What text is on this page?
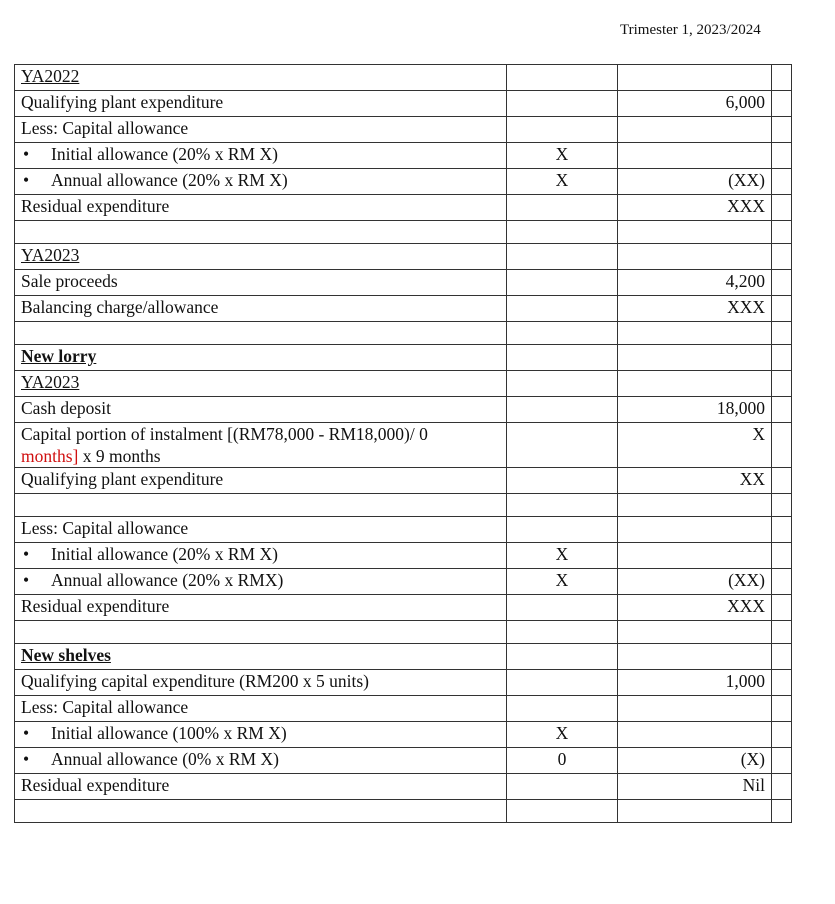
Trimester 1, 2023/2024
YA2022			
Qualifying plant expenditure		6,000	
Less: Capital allowance			
• Initial allowance (20% x RM X)	X		
• Annual allowance (20% x RM X)	X	(XX)	
Residual expenditure		XXX	

YA2023			
Sale proceeds		4,200	
Balancing charge/allowance		XXX	

New lorry			
YA2023			
Cash deposit		18,000	
Capital portion of instalment [(RM78,000 - RM18,000)/ 0
months] x 9 months		X	
Qualifying plant expenditure		XX	

Less: Capital allowance			
• Initial allowance (20% x RM X)	X		
• Annual allowance (20% x RMX)	X	(XX)	
Residual expenditure		XXX	

New shelves			
Qualifying capital expenditure (RM200 x 5 units)		1,000	
Less: Capital allowance			
• Initial allowance (100% x RM X)	X		
• Annual allowance (0% x RM X)	0	(X)	
Residual expenditure		Nil	
